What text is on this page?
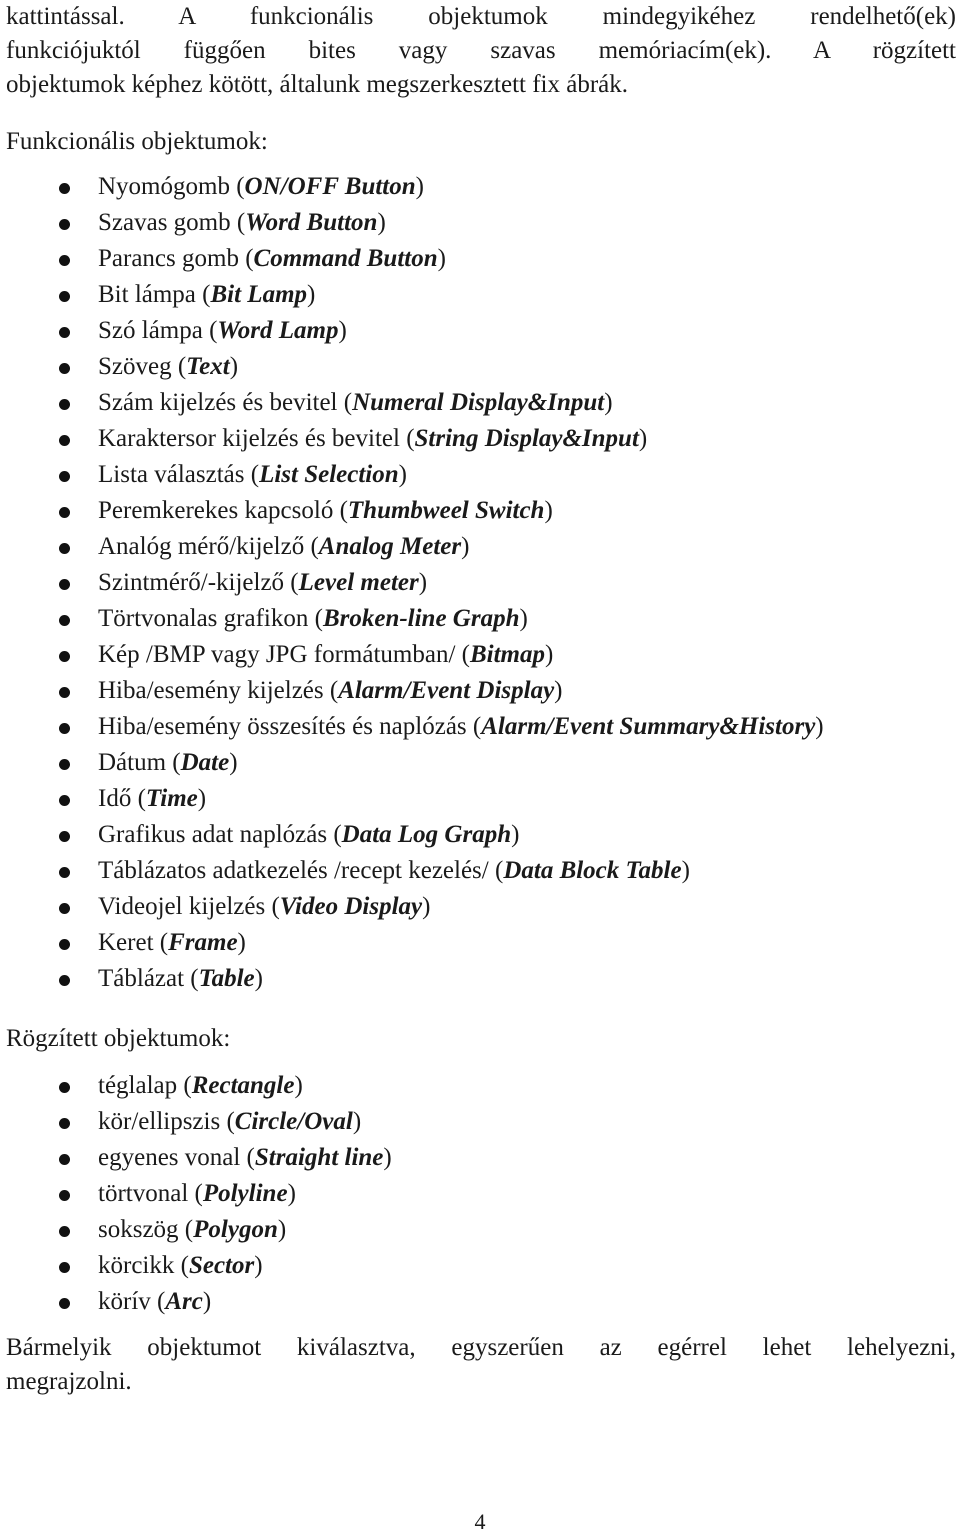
kattintással. A funkcionális objektumok mindegyikéhez rendelhető(ek)
funkciójuktól függően bites vagy szavas memóriacím(ek). A rögzített
objektumok képhez kötött, általunk megszerkesztett fix ábrák.
Funkcionális objektumok:
Nyomógomb (ON/OFF Button)
Szavas gomb (Word Button)
Parancs gomb (Command Button)
Bit lámpa (Bit Lamp)
Szó lámpa (Word Lamp)
Szöveg (Text)
Szám kijelzés és bevitel (Numeral Display&Input)
Karaktersor kijelzés és bevitel (String Display&Input)
Lista választás (List Selection)
Peremkerekes kapcsoló (Thumbweel Switch)
Analóg mérő/kijelző (Analog Meter)
Szintmérő/-kijelző (Level meter)
Törtvonalas grafikon (Broken-line Graph)
Kép /BMP vagy JPG formátumban/ (Bitmap)
Hiba/esemény kijelzés (Alarm/Event Display)
Hiba/esemény összesítés és naplózás (Alarm/Event Summary&History)
Dátum (Date)
Idő (Time)
Grafikus adat naplózás (Data Log Graph)
Táblázatos adatkezelés /recept kezelés/ (Data Block Table)
Videojel kijelzés (Video Display)
Keret (Frame)
Táblázat (Table)
Rögzített objektumok:
téglalap (Rectangle)
kör/ellipszis (Circle/Oval)
egyenes vonal (Straight line)
törtvonal (Polyline)
sokszög (Polygon)
körcikk (Sector)
körív (Arc)
Bármelyik objektumot kiválasztva, egyszerűen az egérrel lehet lehelyezni,
megrajzolni.
4
